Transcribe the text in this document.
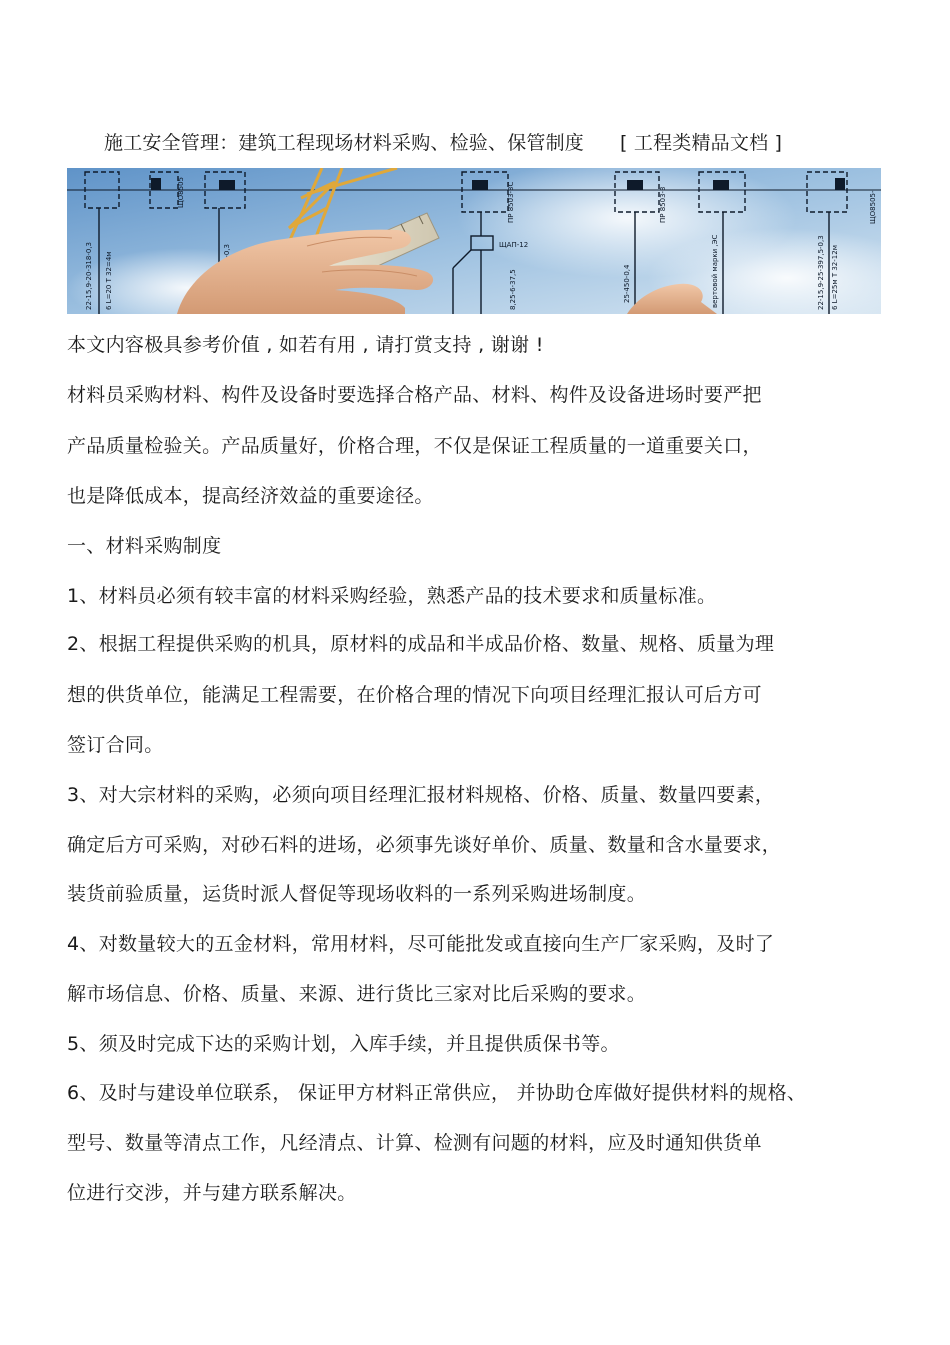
施工安全管理：建筑工程现场材料采购、检验、保管制度 [ 工程类精品文档 ]
ЩАП-12
ПР 8503-3С
ЩО8505	ПР 8503-3
25-450-0,4
22-15,9-20-318-0,3 6 L=20 T 32=4м	8,25-6-37,5	вертовой марки ,ЭС	22-15,9-25-397,5-0,3 6 L=25м T 32-12м
ЩО8505-
本文内容极具参考价值 , 如若有用 , 请打赏支持 , 谢谢 !
材料员采购材料、构件及设备时要选择合格产品、材料、构件及设备进场时要严把
产品质量检验关。产品质量好，价格合理，不仅是保证工程质量的一道重要关口，
也是降低成本，提高经济效益的重要途径。
一、材料采购制度
1、材料员必须有较丰富的材料采购经验，熟悉产品的技术要求和质量标准。
2、根据工程提供采购的机具，原材料的成品和半成品价格、数量、规格、质量为理
想的供货单位，能满足工程需要，在价格合理的情况下向项目经理汇报认可后方可
签订合同。
3、对大宗材料的采购，必须向项目经理汇报材料规格、价格、质量、数量四要素，
确定后方可采购，对砂石料的进场，必须事先谈好单价、质量、数量和含水量要求，
装货前验质量，运货时派人督促等现场收料的一系列采购进场制度。
4、对数量较大的五金材料，常用材料，尽可能批发或直接向生产厂家采购，及时了
解市场信息、价格、质量、来源、进行货比三家对比后采购的要求。
5、须及时完成下达的采购计划，入库手续，并且提供质保书等。
6、及时与建设单位联系， 保证甲方材料正常供应， 并协助仓库做好提供材料的规格、
型号、数量等清点工作，凡经清点、计算、检测有问题的材料，应及时通知供货单
位进行交涉，并与建方联系解决。
